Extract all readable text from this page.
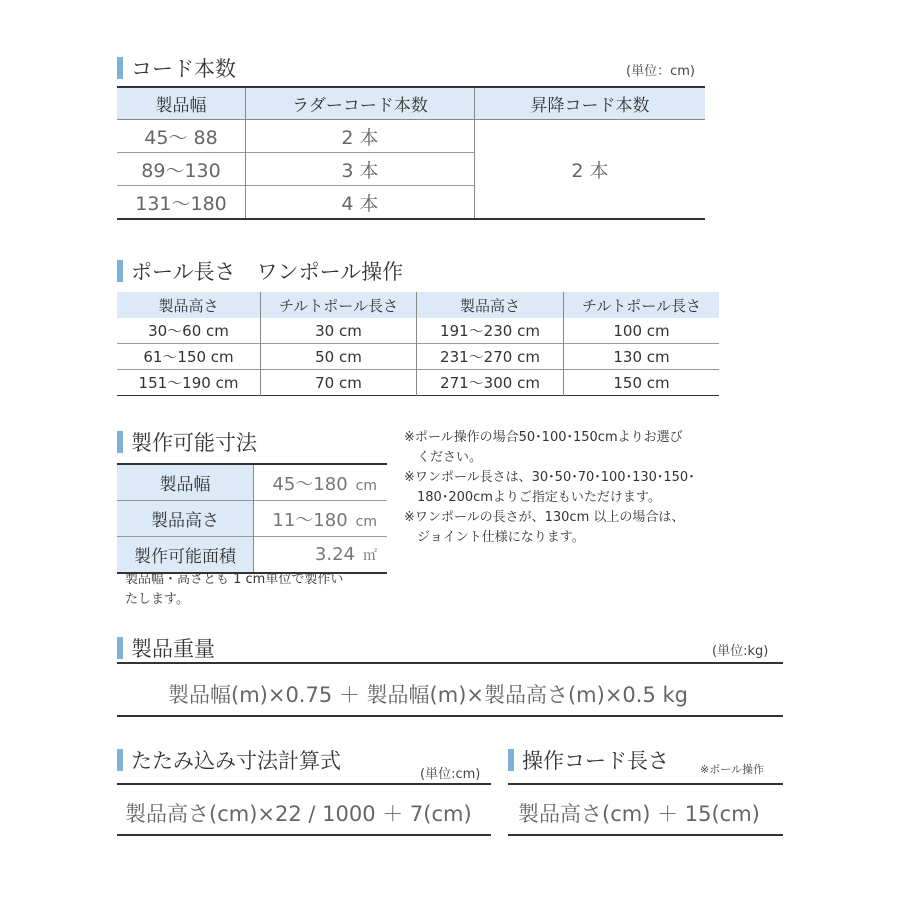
コード本数	(単位：cm)
製品幅	ラダーコード本数	昇降コード本数
45～ 88	2 本	2 本
89～130	3 本	
131～180	4 本	
ポール長さ　ワンポール操作
製品高さ	チルトポール長さ	製品高さ	チルトポール長さ
30～60 cm	30 cm	191～230 cm	100 cm
61～150 cm	50 cm	231～270 cm	130 cm
151～190 cm	70 cm	271～300 cm	150 cm
製作可能寸法
製品幅	45～180 cm
製品高さ	11～180 cm
製作可能面積	3.24 ㎡
製品幅・高さとも 1 cm単位で製作い
たします。
※ポール操作の場合50･100･150cmよりお選び
　ください。
※ワンポール長さは、30･50･70･100･130･150･
　180･200cmよりご指定もいただけます。
※ワンポールの長さが、130cm 以上の場合は、
　ジョイント仕様になります。
製品重量	(単位:kg)
製品幅(m)×0.75 ＋ 製品幅(m)×製品高さ(m)×0.5 kg
たたみ込み寸法計算式
(単位:cm)
製品高さ(cm)×22 / 1000 ＋ 7(cm)
操作コード長さ	※ポール操作
製品高さ(cm) ＋ 15(cm)
